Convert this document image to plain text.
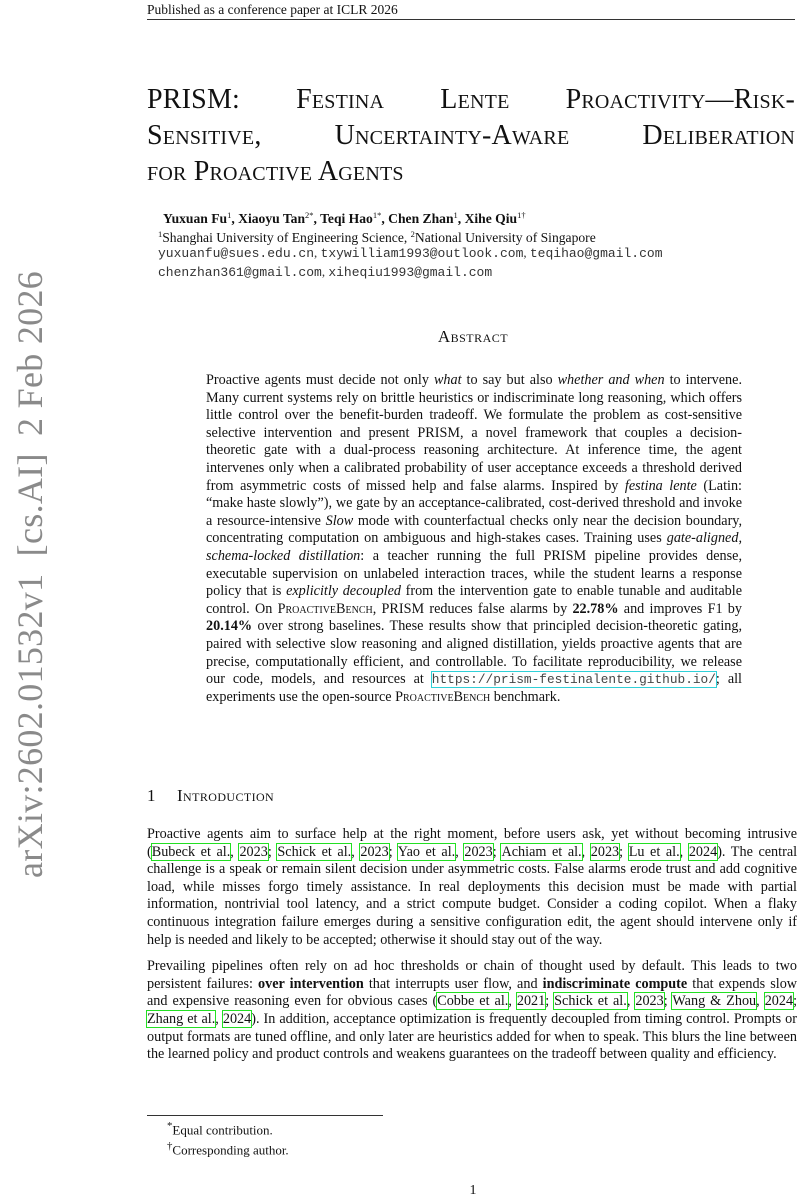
Published as a conference paper at ICLR 2026
arXiv:2602.01532v1 [cs.AI] 2 Feb 2026
PRISM: Festina Lente Proactivity—Risk-
Sensitive, Uncertainty-Aware Deliberation
for Proactive Agents
Yuxuan Fu$^1$, Xiaoyu Tan$^{2*}$, Teqi Hao$^{1*}$, Chen Zhan$^1$, Xihe Qiu$^{1\dagger}$
$^1$Shanghai University of Engineering Science, $^2$National University of Singapore
yuxuanfu@sues.edu.cn, txywilliam1993@outlook.com, teqihao@gmail.com
chenzhan361@gmail.com, xiheqiu1993@gmail.com
Abstract
Proactive agents must decide not only what to say but also whether and when to intervene. Many current systems rely on brittle heuristics or indiscriminate long reasoning, which offers little control over the benefit-burden tradeoff. We formulate the problem as cost-sensitive selective intervention and present PRISM, a novel framework that couples a decision-theoretic gate with a dual-process reasoning architecture. At inference time, the agent intervenes only when a calibrated probability of user acceptance exceeds a threshold derived from asymmetric costs of missed help and false alarms. Inspired by festina lente (Latin: “make haste slowly”), we gate by an acceptance-calibrated, cost-derived threshold and invoke a resource-intensive Slow mode with counterfactual checks only near the decision boundary, concentrating computation on ambiguous and high-stakes cases. Training uses gate-aligned, schema-locked distillation: a teacher running the full PRISM pipeline provides dense, executable supervision on unlabeled interaction traces, while the student learns a response policy that is explicitly decoupled from the intervention gate to enable tunable and auditable control. On ProactiveBench, PRISM reduces false alarms by 22.78% and improves F1 by 20.14% over strong baselines. These results show that principled decision-theoretic gating, paired with selective slow reasoning and aligned distillation, yields proactive agents that are precise, computationally efficient, and controllable. To facilitate reproducibility, we release our code, models, and resources at https://prism-festinalente.github.io/; all experiments use the open-source ProactiveBench benchmark.
1 Introduction

Proactive agents aim to surface help at the right moment, before users ask, yet without becoming intrusive (Bubeck et al., 2023; Schick et al., 2023; Yao et al., 2023; Achiam et al., 2023; Lu et al., 2024). The central challenge is a speak or remain silent decision under asymmetric costs. False alarms erode trust and add cognitive load, while misses forgo timely assistance. In real deployments this decision must be made with partial information, nontrivial tool latency, and a strict compute budget. Consider a coding copilot. When a flaky continuous integration failure emerges during a sensitive configuration edit, the agent should intervene only if help is needed and likely to be accepted; otherwise it should stay out of the way.

Prevailing pipelines often rely on ad hoc thresholds or chain of thought used by default. This leads to two persistent failures: over intervention that interrupts user flow, and indiscriminate compute that expends slow and expensive reasoning even for obvious cases (Cobbe et al., 2021; Schick et al., 2023; Wang & Zhou, 2024; Zhang et al., 2024). In addition, acceptance optimization is frequently decoupled from timing control. Prompts or output formats are tuned offline, and only later are heuristics added for when to speak. This blurs the line between the learned policy and product controls and weakens guarantees on the tradeoff between quality and efficiency.

*Equal contribution.
†Corresponding author.
1
